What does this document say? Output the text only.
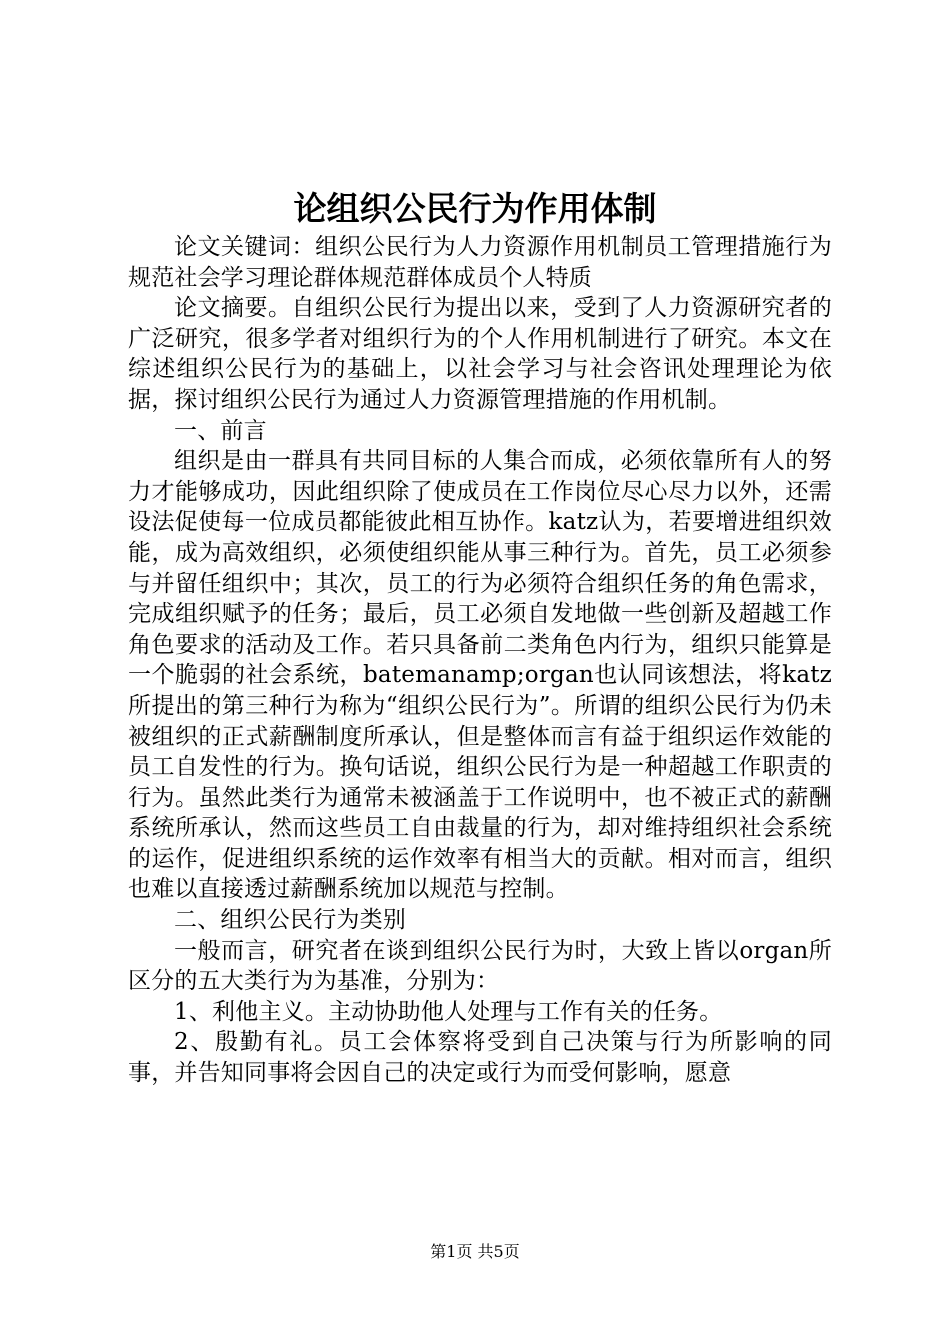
论组织公民行为作用体制

论文关键词：组织公民行为人力资源作用机制员工管理措施行为规范社会学习理论群体规范群体成员个人特质

论文摘要。自组织公民行为提出以来，受到了人力资源研究者的广泛研究，很多学者对组织行为的个人作用机制进行了研究。本文在综述组织公民行为的基础上，以社会学习与社会咨讯处理理论为依据，探讨组织公民行为通过人力资源管理措施的作用机制。

一、前言

组织是由一群具有共同目标的人集合而成，必须依靠所有人的努力才能够成功，因此组织除了使成员在工作岗位尽心尽力以外，还需设法促使每一位成员都能彼此相互协作。katz认为，若要增进组织效能，成为高效组织，必须使组织能从事三种行为。首先，员工必须参与并留任组织中；其次，员工的行为必须符合组织任务的角色需求，完成组织赋予的任务；最后，员工必须自发地做一些创新及超越工作角色要求的活动及工作。若只具备前二类角色内行为，组织只能算是一个脆弱的社会系统，batemanamp;organ也认同该想法，将katz所提出的第三种行为称为“组织公民行为”。所谓的组织公民行为仍未被组织的正式薪酬制度所承认，但是整体而言有益于组织运作效能的员工自发性的行为。换句话说，组织公民行为是一种超越工作职责的行为。虽然此类行为通常未被涵盖于工作说明中，也不被正式的薪酬系统所承认，然而这些员工自由裁量的行为，却对维持组织社会系统的运作，促进组织系统的运作效率有相当大的贡献。相对而言，组织也难以直接透过薪酬系统加以规范与控制。

二、组织公民行为类别

一般而言，研究者在谈到组织公民行为时，大致上皆以organ所区分的五大类行为为基准，分别为：

1、利他主义。主动协助他人处理与工作有关的任务。

2、殷勤有礼。员工会体察将受到自己决策与行为所影响的同事，并告知同事将会因自己的决定或行为而受何影响，愿意

第1页 共5页
